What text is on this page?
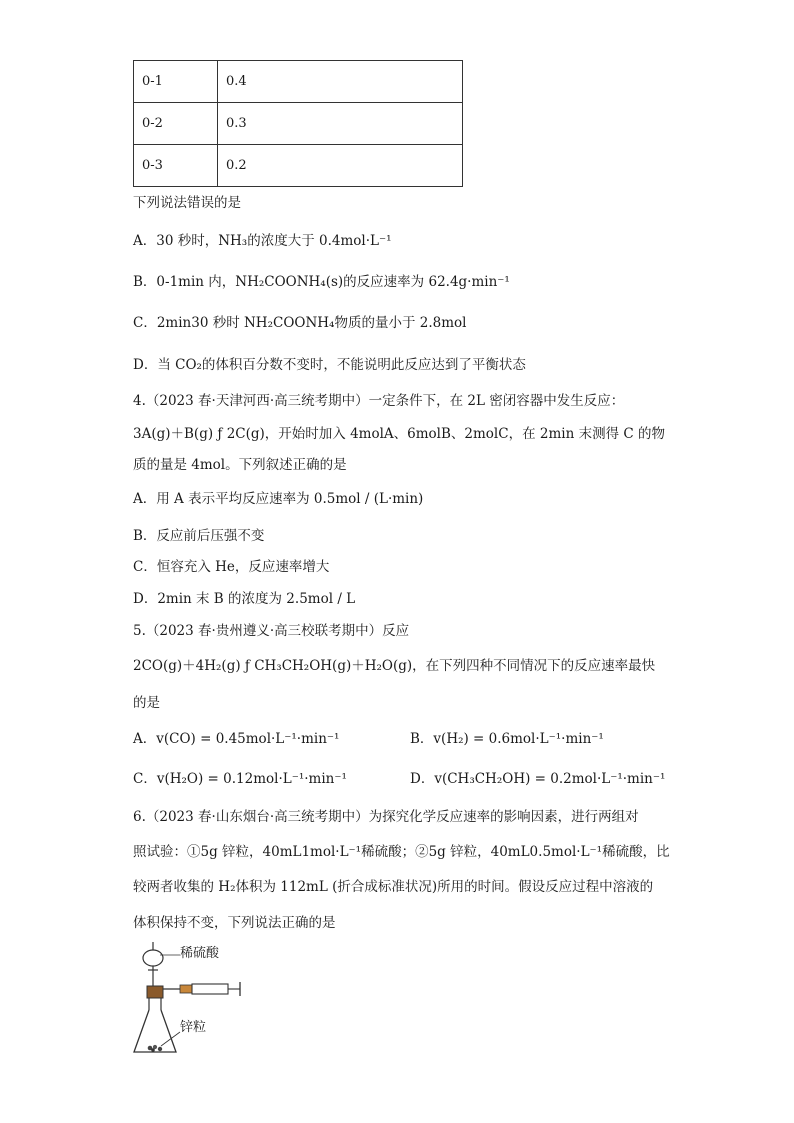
0-1	0.4
0-2	0.3
0-3	0.2
下列说法错误的是
A．30 秒时，NH₃的浓度大于 0.4mol·L⁻¹
B．0-1min 内，NH₂COONH₄(s)的反应速率为 62.4g·min⁻¹
C．2min30 秒时 NH₂COONH₄物质的量小于 2.8mol
D．当 CO₂的体积百分数不变时，不能说明此反应达到了平衡状态
4.（2023 春·天津河西·高三统考期中）一定条件下，在 2L 密闭容器中发生反应：
3A(g)＋B(g) ƒ 2C(g)，开始时加入 4molA、6molB、2molC，在 2min 末测得 C 的物
质的量是 4mol。下列叙述正确的是
A．用 A 表示平均反应速率为 0.5mol / (L·min)
B．反应前后压强不变
C．恒容充入 He，反应速率增大
D．2min 末 B 的浓度为 2.5mol / L
5.（2023 春·贵州遵义·高三校联考期中）反应
2CO(g)＋4H₂(g) ƒ CH₃CH₂OH(g)＋H₂O(g)，在下列四种不同情况下的反应速率最快
的是
A．v(CO) = 0.45mol·L⁻¹·min⁻¹	B．v(H₂) = 0.6mol·L⁻¹·min⁻¹
C．v(H₂O) = 0.12mol·L⁻¹·min⁻¹	D．v(CH₃CH₂OH) = 0.2mol·L⁻¹·min⁻¹
6.（2023 春·山东烟台·高三统考期中）为探究化学反应速率的影响因素，进行两组对
照试验：①5g 锌粒，40mL1mol·L⁻¹稀硫酸；②5g 锌粒，40mL0.5mol·L⁻¹稀硫酸，比
较两者收集的 H₂体积为 112mL (折合成标准状况)所用的时间。假设反应过程中溶液的
体积保持不变，下列说法正确的是
稀硫酸
锌粒
